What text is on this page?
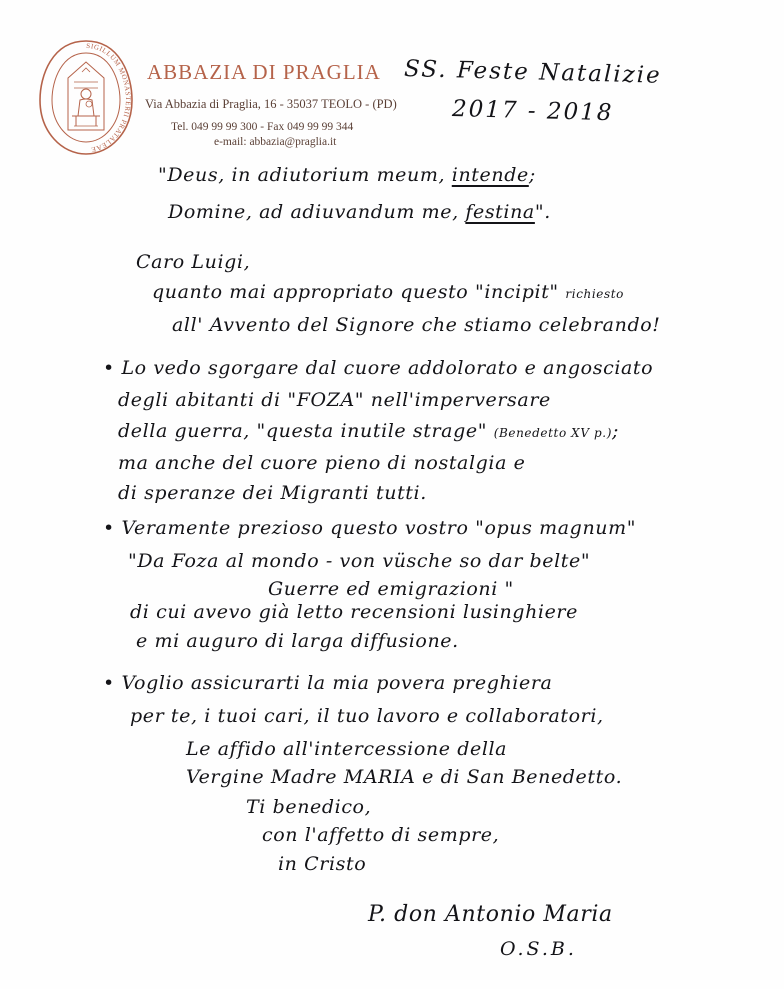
SIGILLUM MONASTERII PRATALEAE
ABBAZIA DI PRAGLIA
Via Abbazia di Praglia, 16 - 35037 TEOLO - (PD)
Tel. 049 99 99 300 - Fax 049 99 99 344
e-mail: abbazia@praglia.it
SS. Feste Natalizie
2017 - 2018
"Deus, in adiutorium meum, intende;
Domine, ad adiuvandum me, festina".
Caro Luigi,
quanto mai appropriato questo "incipit" richiesto
all' Avvento del Signore che stiamo celebrando!
• Lo vedo sgorgare dal cuore addolorato e angosciato
degli abitanti di "FOZA" nell'imperversare
della guerra, "questa inutile strage" (Benedetto XV p.);
ma anche del cuore pieno di nostalgia e
di speranze dei Migranti tutti.
• Veramente prezioso questo vostro "opus magnum"
"Da Foza al mondo - von vüsche so dar belte"
Guerre ed emigrazioni "
di cui avevo già letto recensioni lusinghiere
e mi auguro di larga diffusione.
• Voglio assicurarti la mia povera preghiera
per te, i tuoi cari, il tuo lavoro e collaboratori,
Le affido all'intercessione della
Vergine Madre MARIA e di San Benedetto.
Ti benedico,
con l'affetto di sempre,
in Cristo
P. don Antonio Maria
O.S.B.
